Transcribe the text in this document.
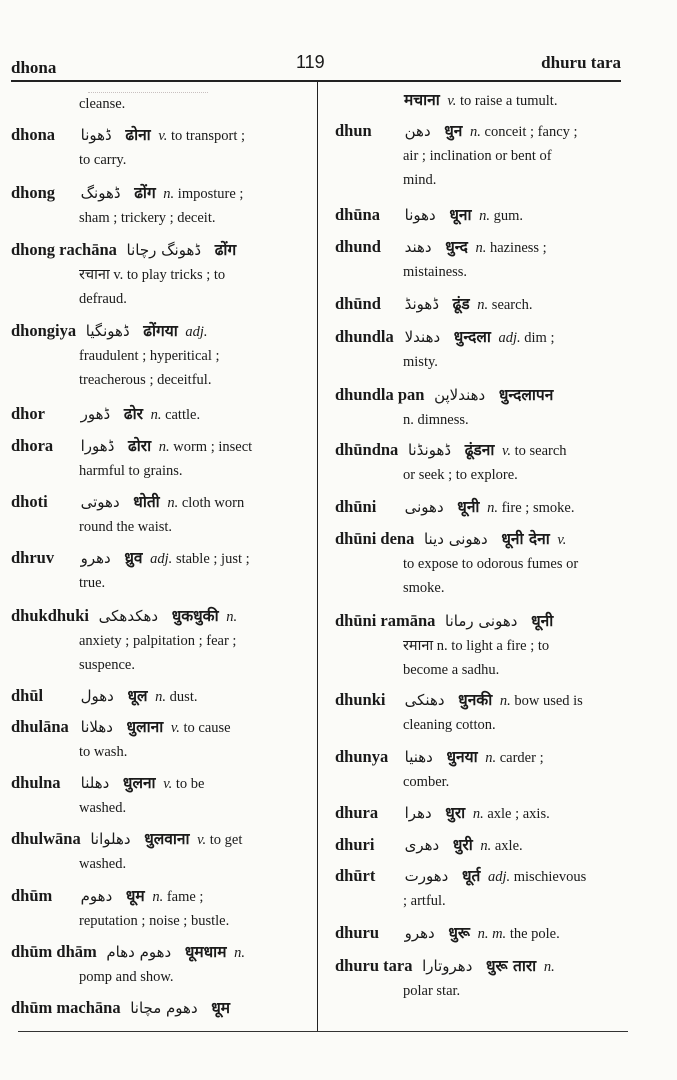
dhona	119	dhuru tara
cleanse.
dhona ڈھونا ढोना v. to transport ;
to carry.
dhong ڈھونگ ढोंग n. imposture ;
sham ; trickery ; deceit.
dhong rachāna ڈھونگ رچانا ढोंग
रचाना v. to play tricks ; to
defraud.
dhongiya ڈھونگیا ढोंगया adj.
fraudulent ; hyperitical ;
treacherous ; deceitful.
dhor ڈھور ढोर n. cattle.
dhora ڈھورا ढोरा n. worm ; insect
harmful to grains.
dhoti دھوتی धोती n. cloth worn
round the waist.
dhruv دھرو ध्रुव adj. stable ; just ;
true.
dhukdhuki دھکدھکی धुकधुकी n.
anxiety ; palpitation ; fear ;
suspence.
dhūl	دھول धूल n. dust.
dhulāna دھلانا धुलाना v. to cause
to wash.
dhulna دھلنا धुलना v. to be
washed.
dhulwāna دھلوانا धुलवाना v. to get
washed.
dhūm دھوم धूम n. fame ;
reputation ; noise ; bustle.
dhūm dhām دھوم دھام धूमधाम n.
pomp and show.
dhūm machāna دھوم مچانا धूम
मचाना v. to raise a tumult.
dhun دھن धुन n. conceit ; fancy ;
air ; inclination or bent of
mind.
dhūna دھونا धूना n. gum.
dhund دھند धुन्द n. haziness ;
mistainess.
dhūnd ڈھونڈ ढूंड n. search.
dhundla دھندلا धुन्दला adj. dim ;
misty.
dhundla pan دھندلاپن धुन्दलापन
n. dimness.
dhūndna ڈھونڈنا ढूंडना v. to search
or seek ; to explore.
dhūni دھونی धूनी n. fire ; smoke.
dhūni dena دھونی دینا धूनी देना v.
to expose to odorous fumes or
smoke.
dhūni ramāna دھونی رمانا धूनी
रमाना n. to light a fire ; to
become a sadhu.
dhunki دھنکی धुनकी n. bow used is
cleaning cotton.
dhunya دھنیا धुनया n. carder ;
comber.
dhura دھرا धुरा n. axle ; axis.
dhuri دھری धुरी n. axle.
dhūrt دھورت धूर्त adj. mischievous
; artful.
dhuru دھرو धुरू n. m. the pole.
dhuru tara دھروتارا धुरू तारा n.
polar star.
